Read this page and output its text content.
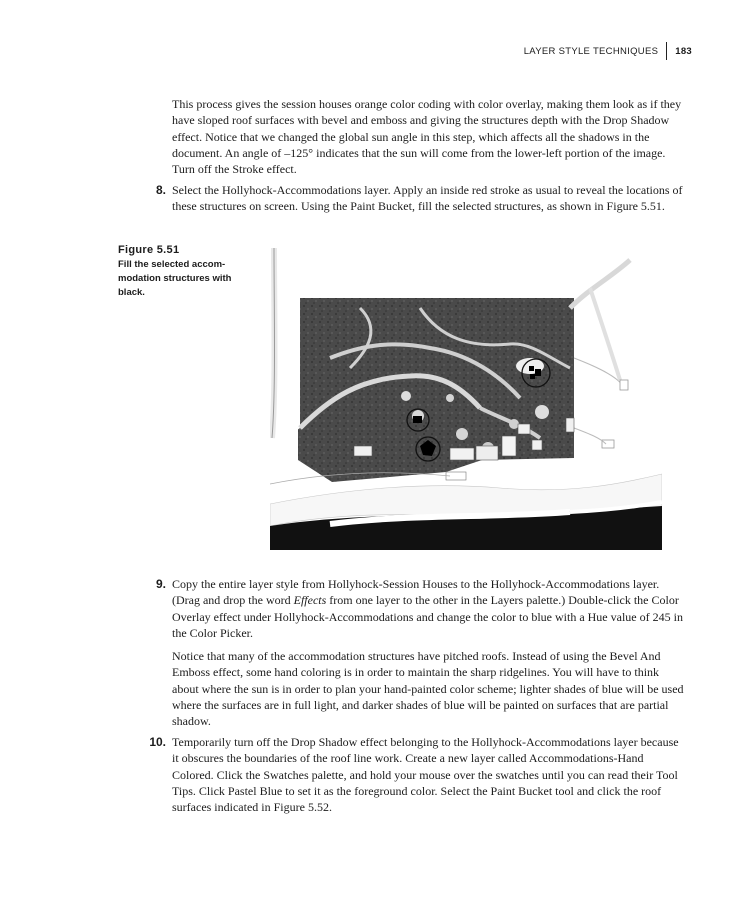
LAYER STYLE TECHNIQUES	183

This process gives the session houses orange color coding with color overlay, making them look as if they have sloped roof surfaces with bevel and emboss and giving the structures depth with the Drop Shadow effect. Notice that we changed the global sun angle in this step, which affects all the shadows in the document. An angle of –125° indicates that the sun will come from the lower-left portion of the image. Turn off the Stroke effect.

8. Select the Hollyhock-Accommodations layer. Apply an inside red stroke as usual to reveal the locations of these structures on screen. Using the Paint Bucket, fill the selected structures, as shown in Figure 5.51.
Figure 5.51
Fill the selected accom-modation structures with black.
9. Copy the entire layer style from Hollyhock-Session Houses to the Hollyhock-Accommodations layer. (Drag and drop the word Effects from one layer to the other in the Layers palette.) Double-click the Color Overlay effect under Hollyhock-Accommodations and change the color to blue with a Hue value of 245 in the Color Picker.

Notice that many of the accommodation structures have pitched roofs. Instead of using the Bevel And Emboss effect, some hand coloring is in order to maintain the sharp ridgelines. You will have to think about where the sun is in order to plan your hand-painted color scheme; lighter shades of blue will be used where the surfaces are in full light, and darker shades of blue will be painted on surfaces that are partial shadow.

10. Temporarily turn off the Drop Shadow effect belonging to the Hollyhock-Accommodations layer because it obscures the boundaries of the roof line work. Create a new layer called Accommodations-Hand Colored. Click the Swatches palette, and hold your mouse over the swatches until you can read their Tool Tips. Click Pastel Blue to set it as the foreground color. Select the Paint Bucket tool and click the roof surfaces indicated in Figure 5.52.
